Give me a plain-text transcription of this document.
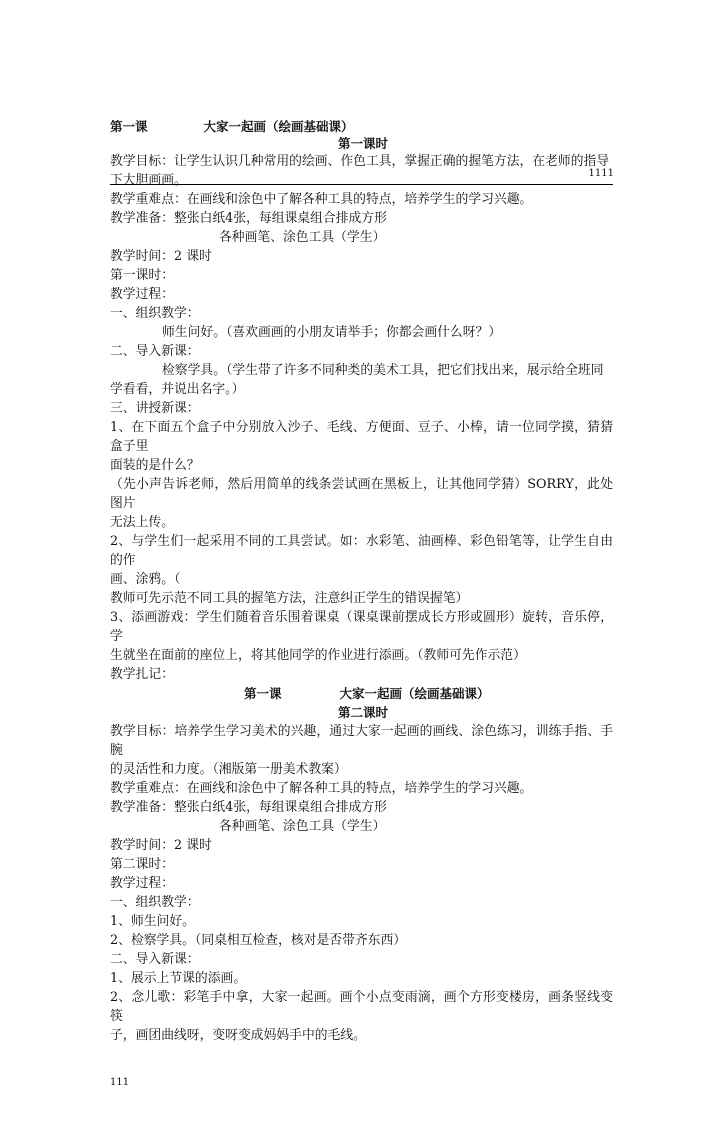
1111
第一课	大家一起画（绘画基础课）
第一课时
教学目标：让学生认识几种常用的绘画、作色工具，掌握正确的握笔方法，在老师的指导
下大胆画画。
教学重难点：在画线和涂色中了解各种工具的特点，培养学生的学习兴趣。
教学准备：整张白纸4张，每组课桌组合排成方形
各种画笔、涂色工具（学生）
教学时间：2 课时
第一课时：
教学过程：
一、组织教学：
师生问好。（喜欢画画的小朋友请举手；你都会画什么呀？）
二、导入新课：
检察学具。（学生带了许多不同种类的美术工具，把它们找出来，展示给全班同
学看看，并说出名字。）
三、讲授新课：
1、在下面五个盒子中分别放入沙子、毛线、方便面、豆子、小棒，请一位同学摸，猜猜盒子里
面装的是什么？
（先小声告诉老师，然后用简单的线条尝试画在黑板上，让其他同学猜）SORRY，此处图片
无法上传。
2、与学生们一起采用不同的工具尝试。如：水彩笔、油画棒、彩色铅笔等，让学生自由的作
画、涂鸦。（
教师可先示范不同工具的握笔方法，注意纠正学生的错误握笔）
3、添画游戏：学生们随着音乐围着课桌（课桌课前摆成长方形或圆形）旋转，音乐停，学
生就坐在面前的座位上，将其他同学的作业进行添画。（教师可先作示范）
教学扎记：
第一课	大家一起画（绘画基础课）
第二课时
教学目标：培养学生学习美术的兴趣，通过大家一起画的画线、涂色练习，训练手指、手腕
的灵活性和力度。（湘版第一册美术教案）
教学重难点：在画线和涂色中了解各种工具的特点，培养学生的学习兴趣。
教学准备：整张白纸4张，每组课桌组合排成方形
各种画笔、涂色工具（学生）
教学时间：2 课时
第二课时：
教学过程：
一、组织教学：
1、师生问好。
2、检察学具。（同桌相互检查，核对是否带齐东西）
二、导入新课：
1、展示上节课的添画。
2、念儿歌：彩笔手中拿，大家一起画。画个小点变雨滴，画个方形变楼房，画条竖线变筷
子，画团曲线呀，变呀变成妈妈手中的毛线。
111
